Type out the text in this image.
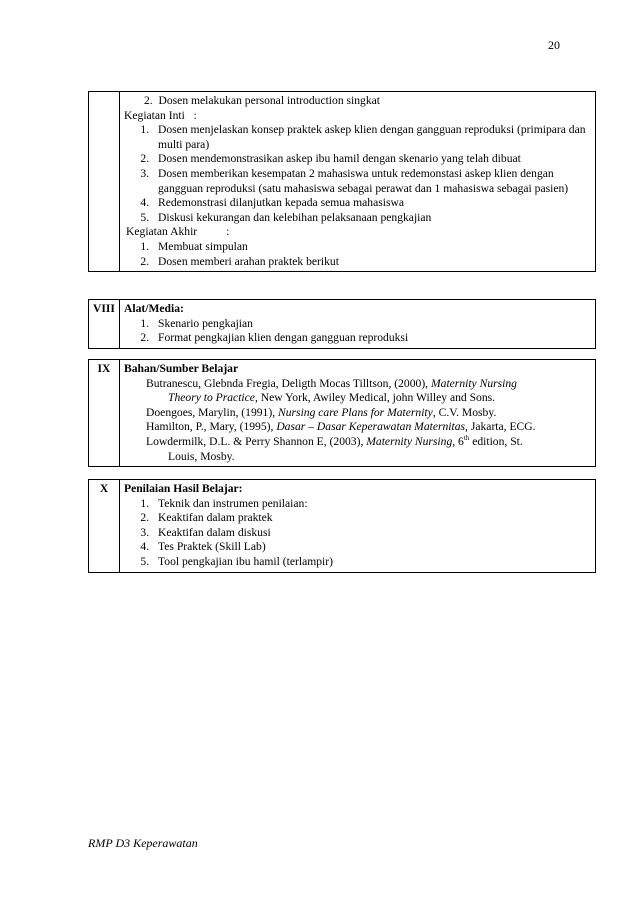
20

2.  Dosen melakukan personal introduction singkat
Kegiatan Inti   :
1. Dosen menjelaskan konsep praktek askep klien dengan gangguan reproduksi (primipara dan multi para)
2. Dosen mendemonstrasikan askep ibu hamil dengan skenario yang telah dibuat
3. Dosen memberikan kesempatan 2 mahasiswa untuk redemonstasi askep klien dengan gangguan reproduksi (satu mahasiswa sebagai perawat dan 1 mahasiswa sebagai pasien)
4. Redemonstrasi dilanjutkan kepada semua mahasiswa
5. Diskusi kekurangan dan kelebihan pelaksanaan pengkajian
Kegiatan Akhir          :
1. Membuat simpulan
2. Dosen memberi arahan praktek berikut
VIII	Alat/Media:
1. Skenario pengkajian
2. Format pengkajian klien dengan gangguan reproduksi
IX	Bahan/Sumber Belajar
Butranescu, Glebnda Fregia, Deligth Mocas Tilltson, (2000), Maternity Nursing
Theory to Practice, New York, Awiley Medical, john Willey and Sons.
Doengoes, Marylin, (1991), Nursing care Plans for Maternity, C.V. Mosby.
Hamilton, P., Mary, (1995), Dasar – Dasar Keperawatan Maternitas, Jakarta, ECG.
Lowdermilk, D.L. & Perry Shannon E, (2003), Maternity Nursing, 6th edition, St.
Louis, Mosby.
X	Penilaian Hasil Belajar:
1. Teknik dan instrumen penilaian:
2. Keaktifan dalam praktek
3. Keaktifan dalam diskusi
4. Tes Praktek (Skill Lab)
5. Tool pengkajian ibu hamil (terlampir)
RMP D3 Keperawatan
